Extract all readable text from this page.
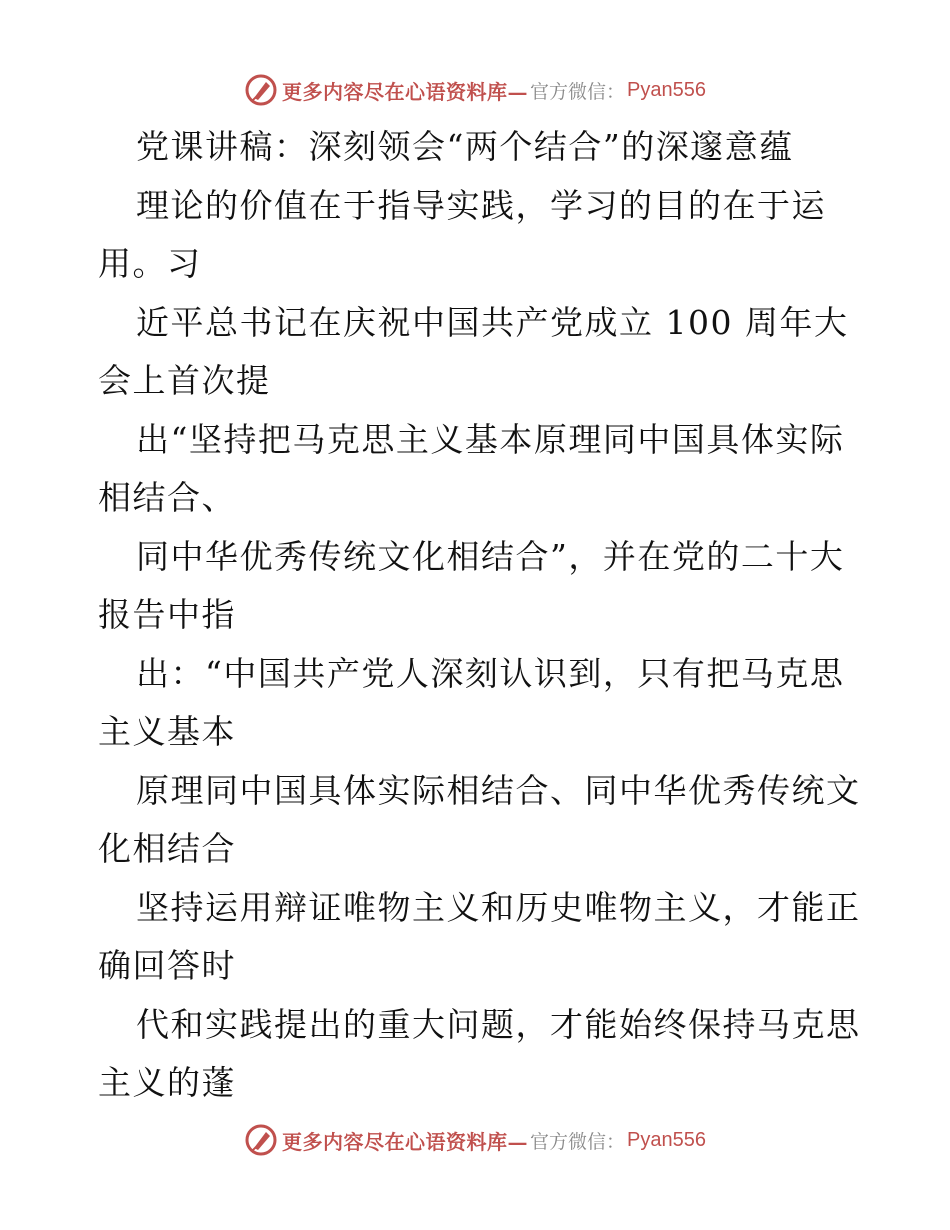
更多内容尽在心语资料库— 官方微信： Pyan556
党课讲稿：深刻领会“两个结合”的深邃意蕴
理论的价值在于指导实践，学习的目的在于运
用。习
近平总书记在庆祝中国共产党成立 100 周年大
会上首次提
出“坚持把马克思主义基本原理同中国具体实际
相结合、
同中华优秀传统文化相结合”，并在党的二十大
报告中指
出：“中国共产党人深刻认识到，只有把马克思
主义基本
原理同中国具体实际相结合、同中华优秀传统文
化相结合
坚持运用辩证唯物主义和历史唯物主义，才能正
确回答时
代和实践提出的重大问题，才能始终保持马克思
主义的蓬
更多内容尽在心语资料库— 官方微信： Pyan556
